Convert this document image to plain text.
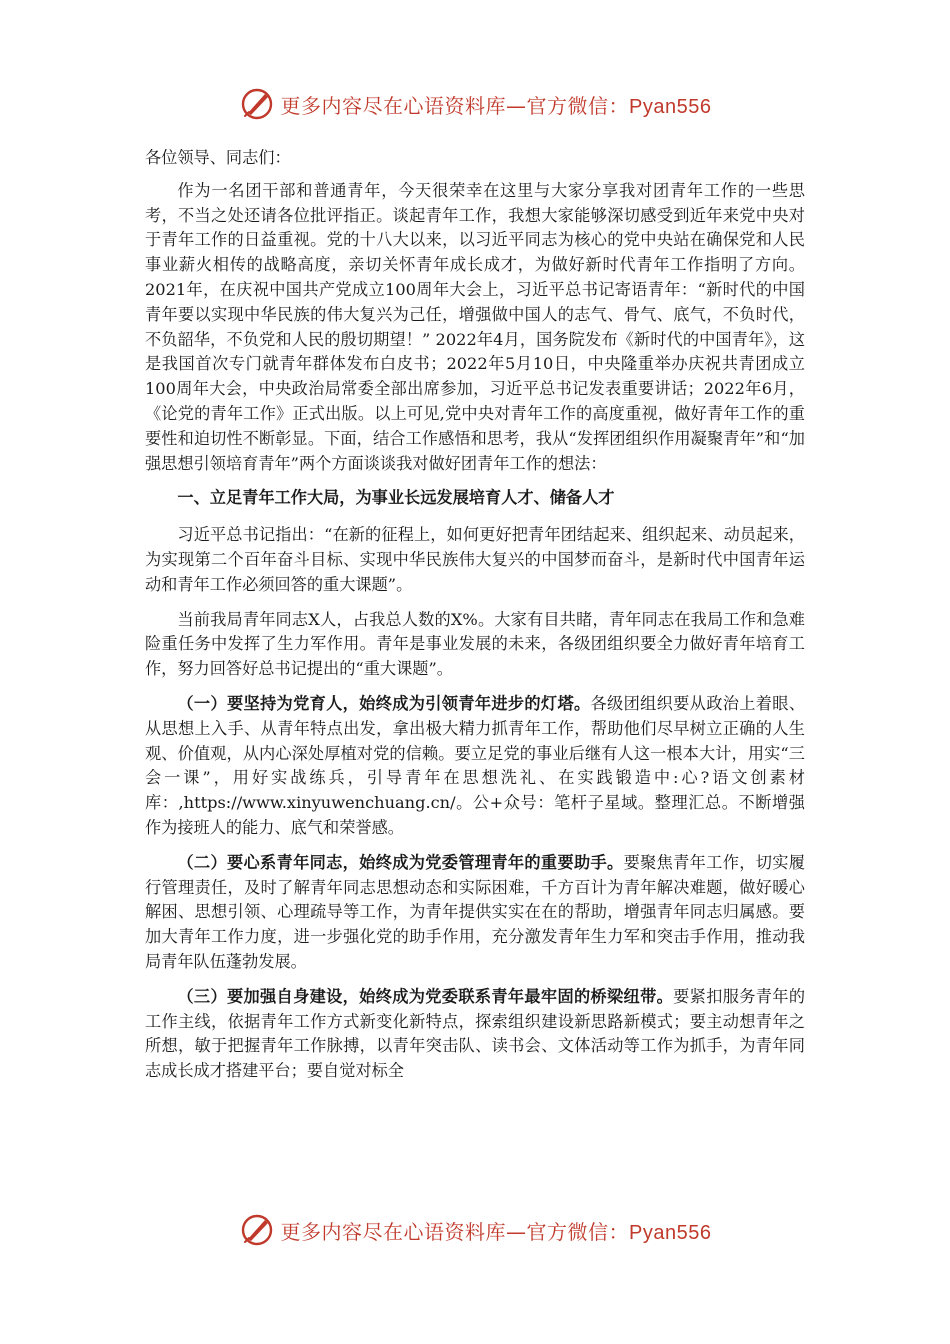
更多内容尽在心语资料库—官方微信：Pyan556

各位领导、同志们：

作为一名团干部和普通青年，今天很荣幸在这里与大家分享我对团青年工作的一些思考，不当之处还请各位批评指正。谈起青年工作，我想大家能够深切感受到近年来党中央对于青年工作的日益重视。党的十八大以来，以习近平同志为核心的党中央站在确保党和人民事业薪火相传的战略高度，亲切关怀青年成长成才，为做好新时代青年工作指明了方向。2021年，在庆祝中国共产党成立100周年大会上，习近平总书记寄语青年：“新时代的中国青年要以实现中华民族的伟大复兴为己任，增强做中国人的志气、骨气、底气，不负时代，不负韶华，不负党和人民的殷切期望！” 2022年4月，国务院发布《新时代的中国青年》，这是我国首次专门就青年群体发布白皮书；2022年5月10日，中央隆重举办庆祝共青团成立100周年大会，中央政治局常委全部出席参加，习近平总书记发表重要讲话；2022年6月，《论党的青年工作》正式出版。以上可见,党中央对青年工作的高度重视，做好青年工作的重要性和迫切性不断彰显。下面，结合工作感悟和思考，我从“发挥团组织作用凝聚青年”和“加强思想引领培育青年”两个方面谈谈我对做好团青年工作的想法：

一、立足青年工作大局，为事业长远发展培育人才、储备人才

习近平总书记指出：“在新的征程上，如何更好把青年团结起来、组织起来、动员起来，为实现第二个百年奋斗目标、实现中华民族伟大复兴的中国梦而奋斗，是新时代中国青年运动和青年工作必须回答的重大课题”。

当前我局青年同志X人，占我总人数的X%。大家有目共睹，青年同志在我局工作和急难险重任务中发挥了生力军作用。青年是事业发展的未来，各级团组织要全力做好青年培育工作，努力回答好总书记提出的“重大课题”。

（一）要坚持为党育人，始终成为引领青年进步的灯塔。各级团组织要从政治上着眼、从思想上入手、从青年特点出发，拿出极大精力抓青年工作，帮助他们尽早树立正确的人生观、价值观，从内心深处厚植对党的信赖。要立足党的事业后继有人这一根本大计，用实“三会一课”，用好实战练兵，引导青年在思想洗礼、在实践锻造中:心?语文创素材库：,https://www.xinyuwenchuang.cn/。公+众号：笔杆子星域。整理汇总。不断增强作为接班人的能力、底气和荣誉感。

（二）要心系青年同志，始终成为党委管理青年的重要助手。要聚焦青年工作，切实履行管理责任，及时了解青年同志思想动态和实际困难，千方百计为青年解决难题，做好暖心解困、思想引领、心理疏导等工作，为青年提供实实在在的帮助，增强青年同志归属感。要加大青年工作力度，进一步强化党的助手作用，充分激发青年生力军和突击手作用，推动我局青年队伍蓬勃发展。

（三）要加强自身建设，始终成为党委联系青年最牢固的桥梁纽带。要紧扣服务青年的工作主线，依据青年工作方式新变化新特点，探索组织建设新思路新模式；要主动想青年之所想，敏于把握青年工作脉搏，以青年突击队、读书会、文体活动等工作为抓手，为青年同志成长成才搭建平台；要自觉对标全

更多内容尽在心语资料库—官方微信：Pyan556
